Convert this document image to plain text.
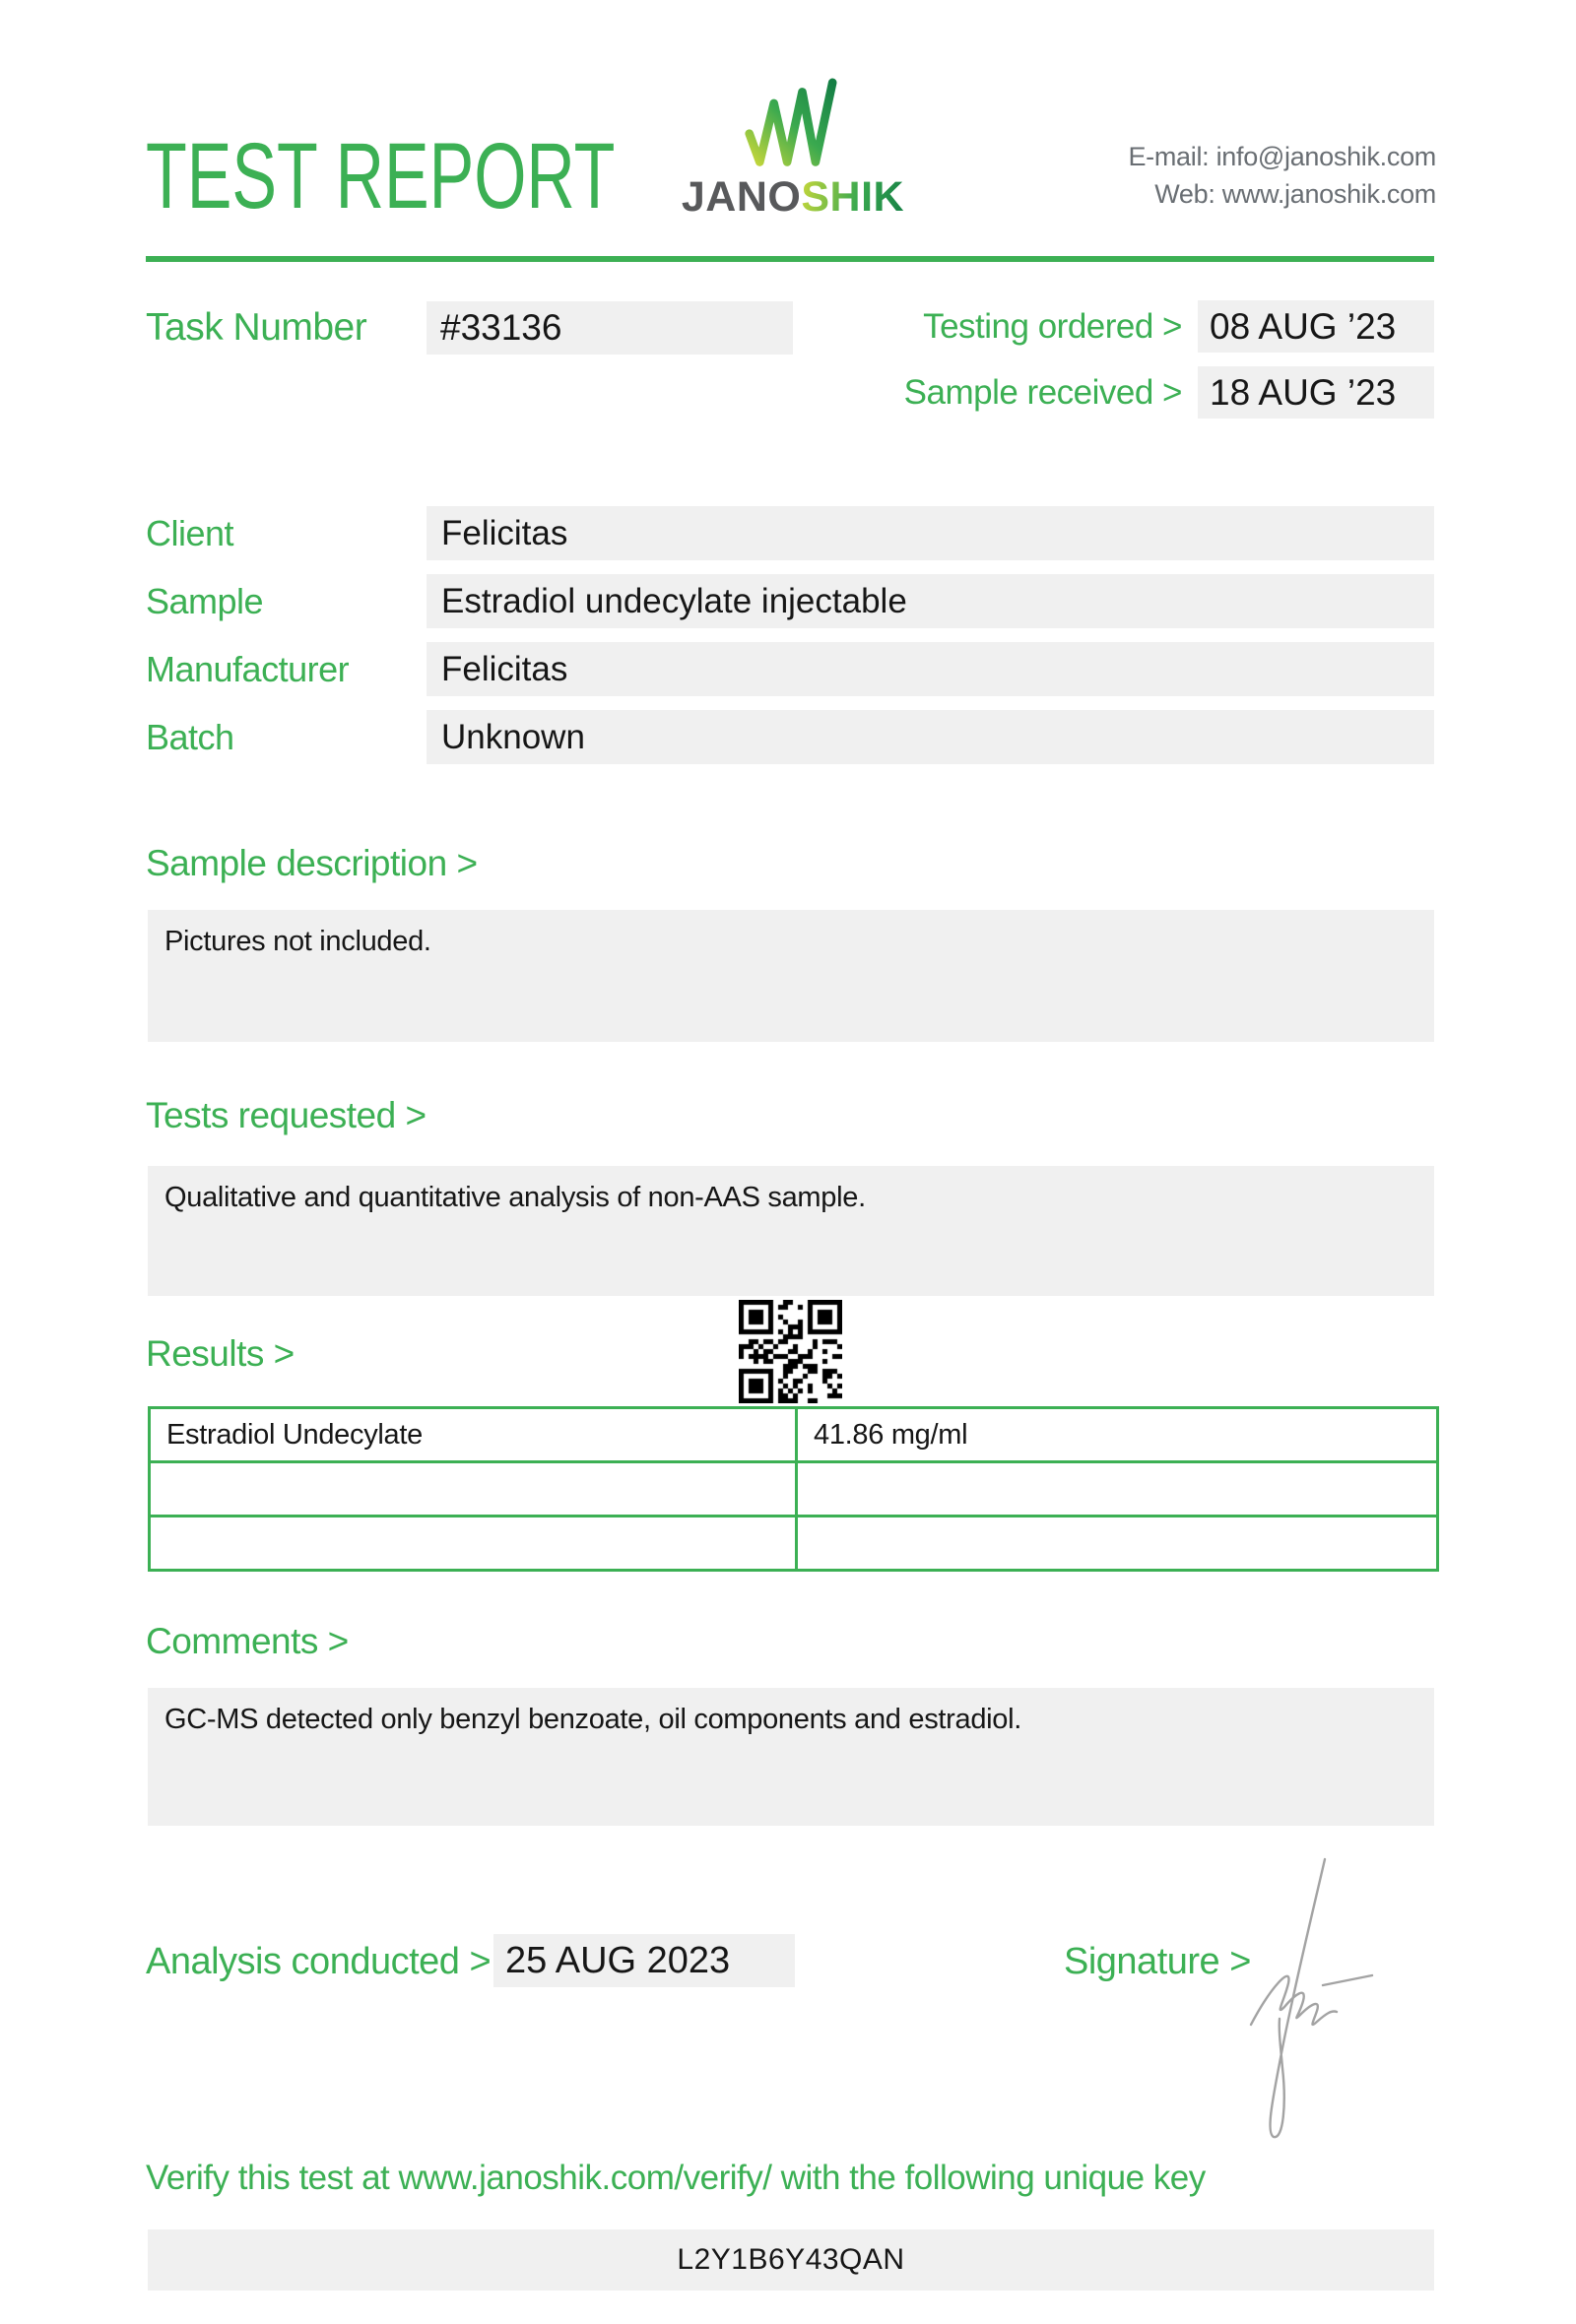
TEST REPORT JANOSHIK
E-mail: info@janoshik.com
Web: www.janoshik.com
Task Number	#33136	Testing ordered > 08 AUG ’23
Sample received > 18 AUG ’23
Client	Felicitas
Sample	Estradiol undecylate injectable
Manufacturer	Felicitas
Batch	Unknown
Sample description >
Pictures not included.
Tests requested >
Qualitative and quantitative analysis of non-AAS sample.
Results >
Estradiol Undecylate	41.86 mg/ml

Comments >
GC-MS detected only benzyl benzoate, oil components and estradiol.
Analysis conducted > 25 AUG 2023	Signature >
Verify this test at www.janoshik.com/verify/ with the following unique key
L2Y1B6Y43QAN
